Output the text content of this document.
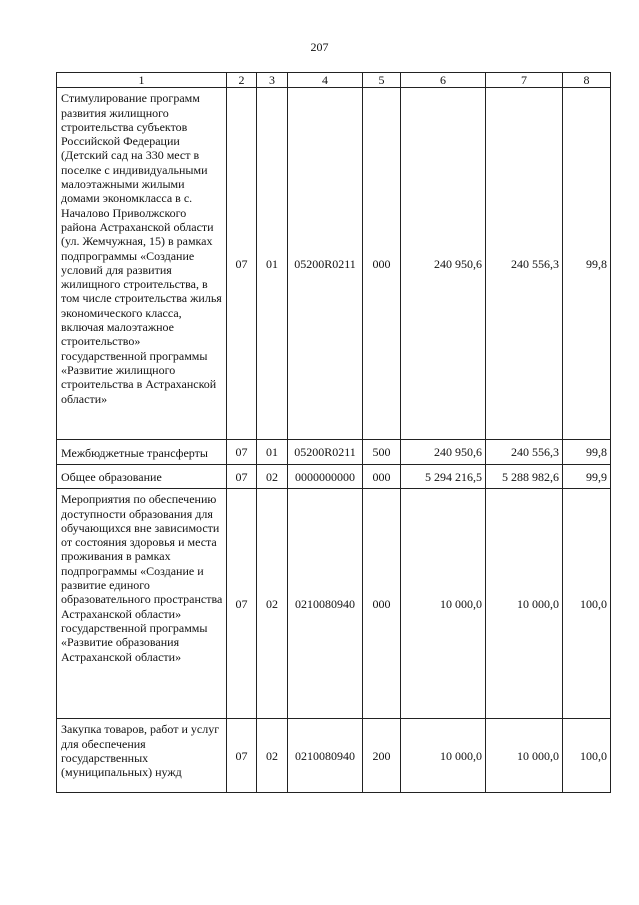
207
1	2	3	4	5	6	7	8
Стимулирование программ развития жилищного строительства субъектов Российской Федерации (Детский сад на 330 мест в поселке с индивидуальными малоэтажными жилыми домами экономкласса в с. Началово Приволжского района Астраханской области (ул. Жемчужная, 15) в рамках подпрограммы «Создание условий для развития жилищного строительства, в том числе строительства жилья экономического класса, включая малоэтажное строительство» государственной программы «Развитие жилищного строительства в Астраханской области»	07	01	05200R0211	000	240 950,6	240 556,3	99,8
Межбюджетные трансферты	07	01	05200R0211	500	240 950,6	240 556,3	99,8
Общее образование	07	02	0000000000	000	5 294 216,5	5 288 982,6	99,9
Мероприятия по обеспечению доступности образования для обучающихся вне зависимости от состояния здоровья и места проживания в рамках подпрограммы «Создание и развитие единого образовательного пространства Астраханской области» государственной программы «Развитие образования Астраханской области»	07	02	0210080940	000	10 000,0	10 000,0	100,0
Закупка товаров, работ и услуг для обеспечения государственных (муниципальных) нужд	07	02	0210080940	200	10 000,0	10 000,0	100,0
